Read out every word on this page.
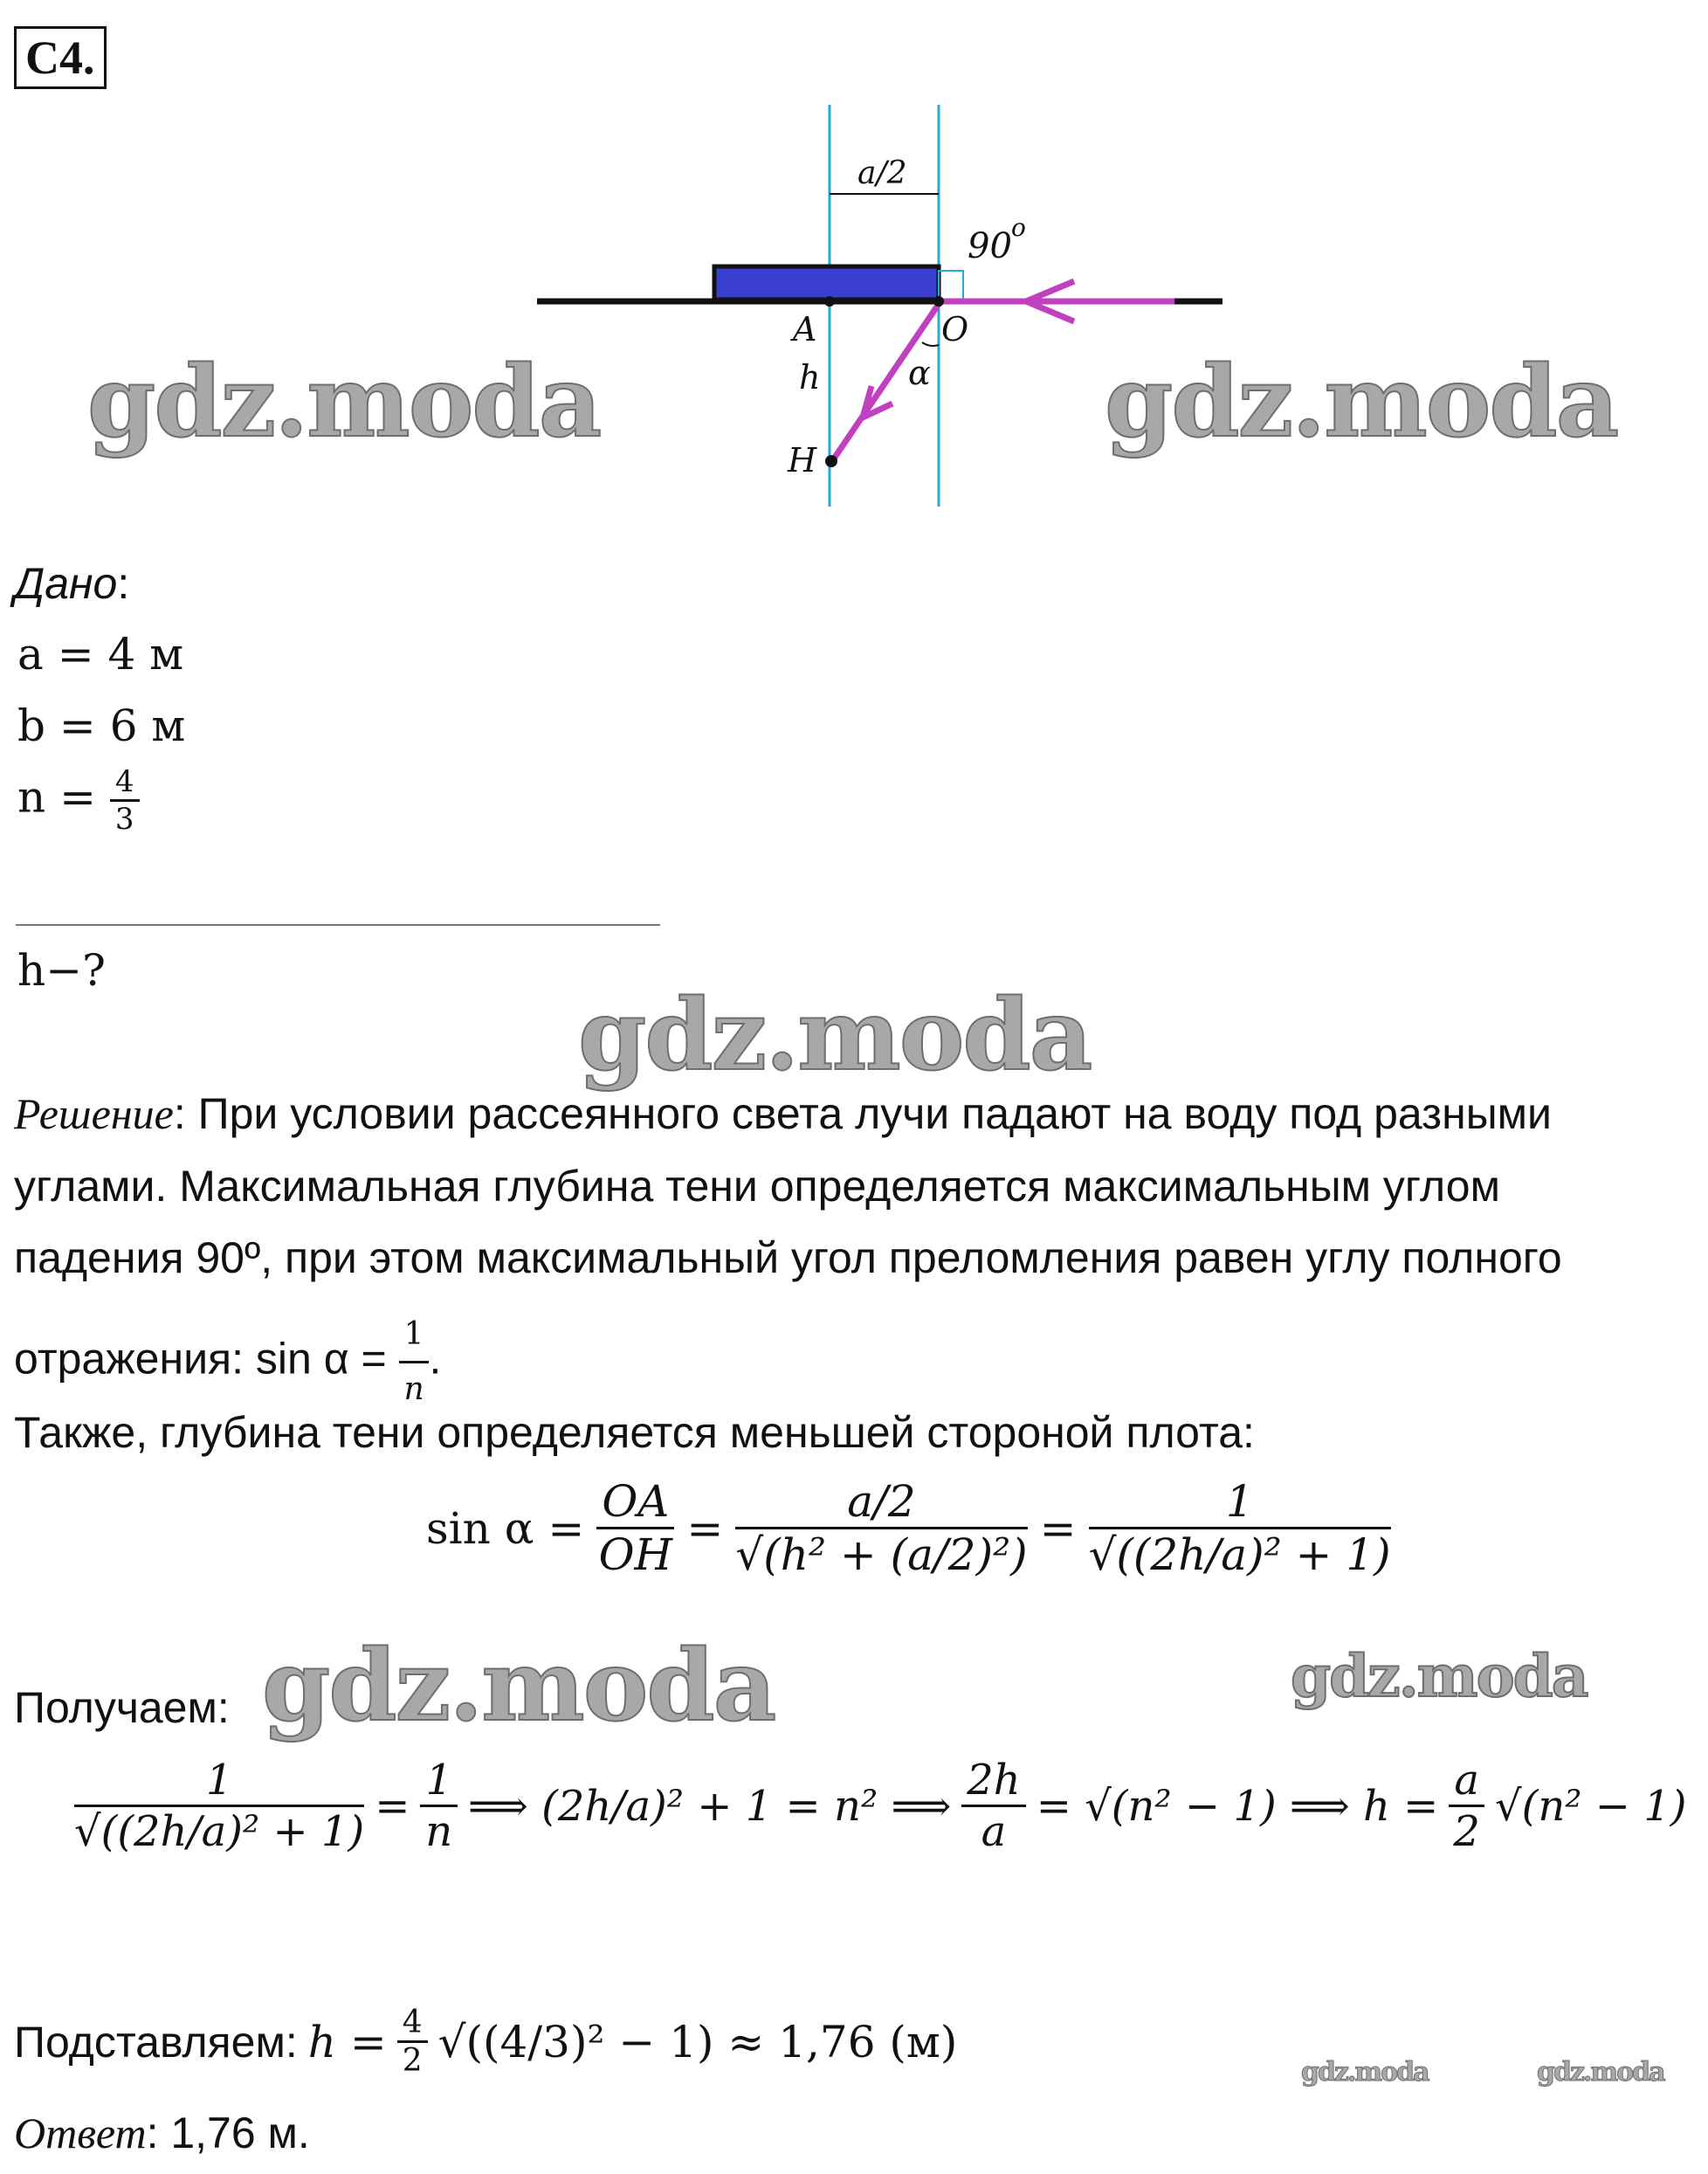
C4.
a/2
90 o
A	O
h	α
H
gdz.moda	gdz.moda
gdz.moda
gdz.moda	gdz.moda
gdz.moda	gdz.moda
Дано:
a = 4 м
b = 6 м
$n = \frac{4}{3}$
h−?
Решение: При условии рассеянного света лучи падают на воду под разными
углами. Максимальная глубина тени определяется максимальным углом
падения 90º, при этом максимальный угол преломления равен углу полного
отражения: $\sin \alpha = \frac{1}{n}$ .
Также, глубина тени определяется меньшей стороной плота:
$\sin \alpha = \frac{OA}{OH} = \frac{a/2}{\text{√(h² + (a/2)²)}} = \frac{1}{\text{√((2h/a)² + 1)}}$
Получаем:
$\frac{1}{\text{√((2h/a)² + 1)}} = \frac{1}{n}$ ⟹ (2h/a)² + 1 = n² ⟹ $\frac{2h}{a} = √(n^2 - 1)$ ⟹ $h = \frac{a}{2} √(n^2 - 1)$
Подставляем: $h = \frac{4}{2} √((4/3)^2 - 1) \approx 1,76$ (м)
Ответ: 1,76 м.
